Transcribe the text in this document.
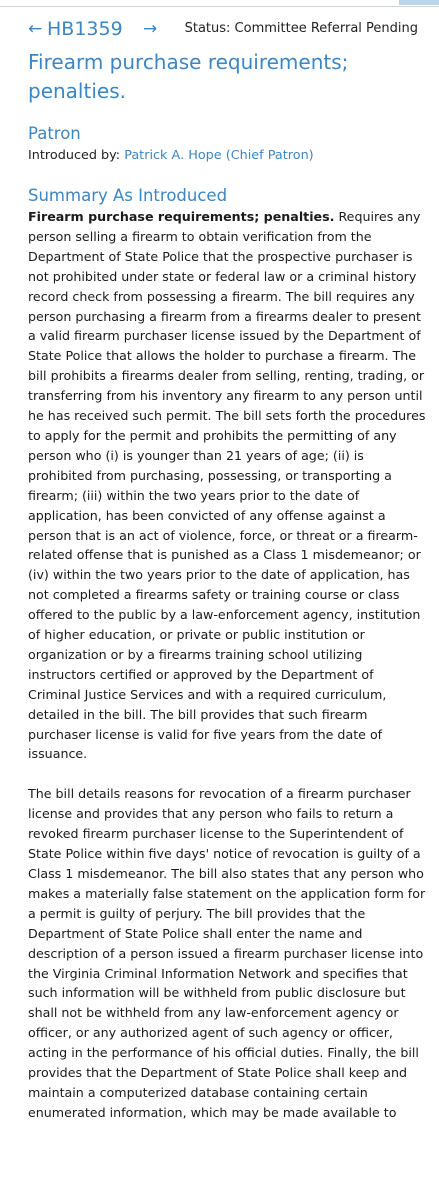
← HB1359 → Status: Committee Referral Pending
Firearm purchase requirements; penalties.
Patron
Introduced by: Patrick A. Hope (Chief Patron)
Summary As Introduced

Firearm purchase requirements; penalties. Requires any person selling a firearm to obtain verification from the Department of State Police that the prospective purchaser is not prohibited under state or federal law or a criminal history record check from possessing a firearm. The bill requires any person purchasing a firearm from a firearms dealer to present a valid firearm purchaser license issued by the Department of State Police that allows the holder to purchase a firearm. The bill prohibits a firearms dealer from selling, renting, trading, or transferring from his inventory any firearm to any person until he has received such permit. The bill sets forth the procedures to apply for the permit and prohibits the permitting of any person who (i) is younger than 21 years of age; (ii) is prohibited from purchasing, possessing, or transporting a firearm; (iii) within the two years prior to the date of application, has been convicted of any offense against a person that is an act of violence, force, or threat or a firearm-related offense that is punished as a Class 1 misdemeanor; or (iv) within the two years prior to the date of application, has not completed a firearms safety or training course or class offered to the public by a law-enforcement agency, institution of higher education, or private or public institution or organization or by a firearms training school utilizing instructors certified or approved by the Department of Criminal Justice Services and with a required curriculum, detailed in the bill. The bill provides that such firearm purchaser license is valid for five years from the date of issuance.

The bill details reasons for revocation of a firearm purchaser license and provides that any person who fails to return a revoked firearm purchaser license to the Superintendent of State Police within five days' notice of revocation is guilty of a Class 1 misdemeanor. The bill also states that any person who makes a materially false statement on the application form for a permit is guilty of perjury. The bill provides that the Department of State Police shall enter the name and description of a person issued a firearm purchaser license into the Virginia Criminal Information Network and specifies that such information will be withheld from public disclosure but shall not be withheld from any law-enforcement agency or officer, or any authorized agent of such agency or officer, acting in the performance of his official duties. Finally, the bill provides that the Department of State Police shall keep and maintain a computerized database containing certain enumerated information, which may be made available to
